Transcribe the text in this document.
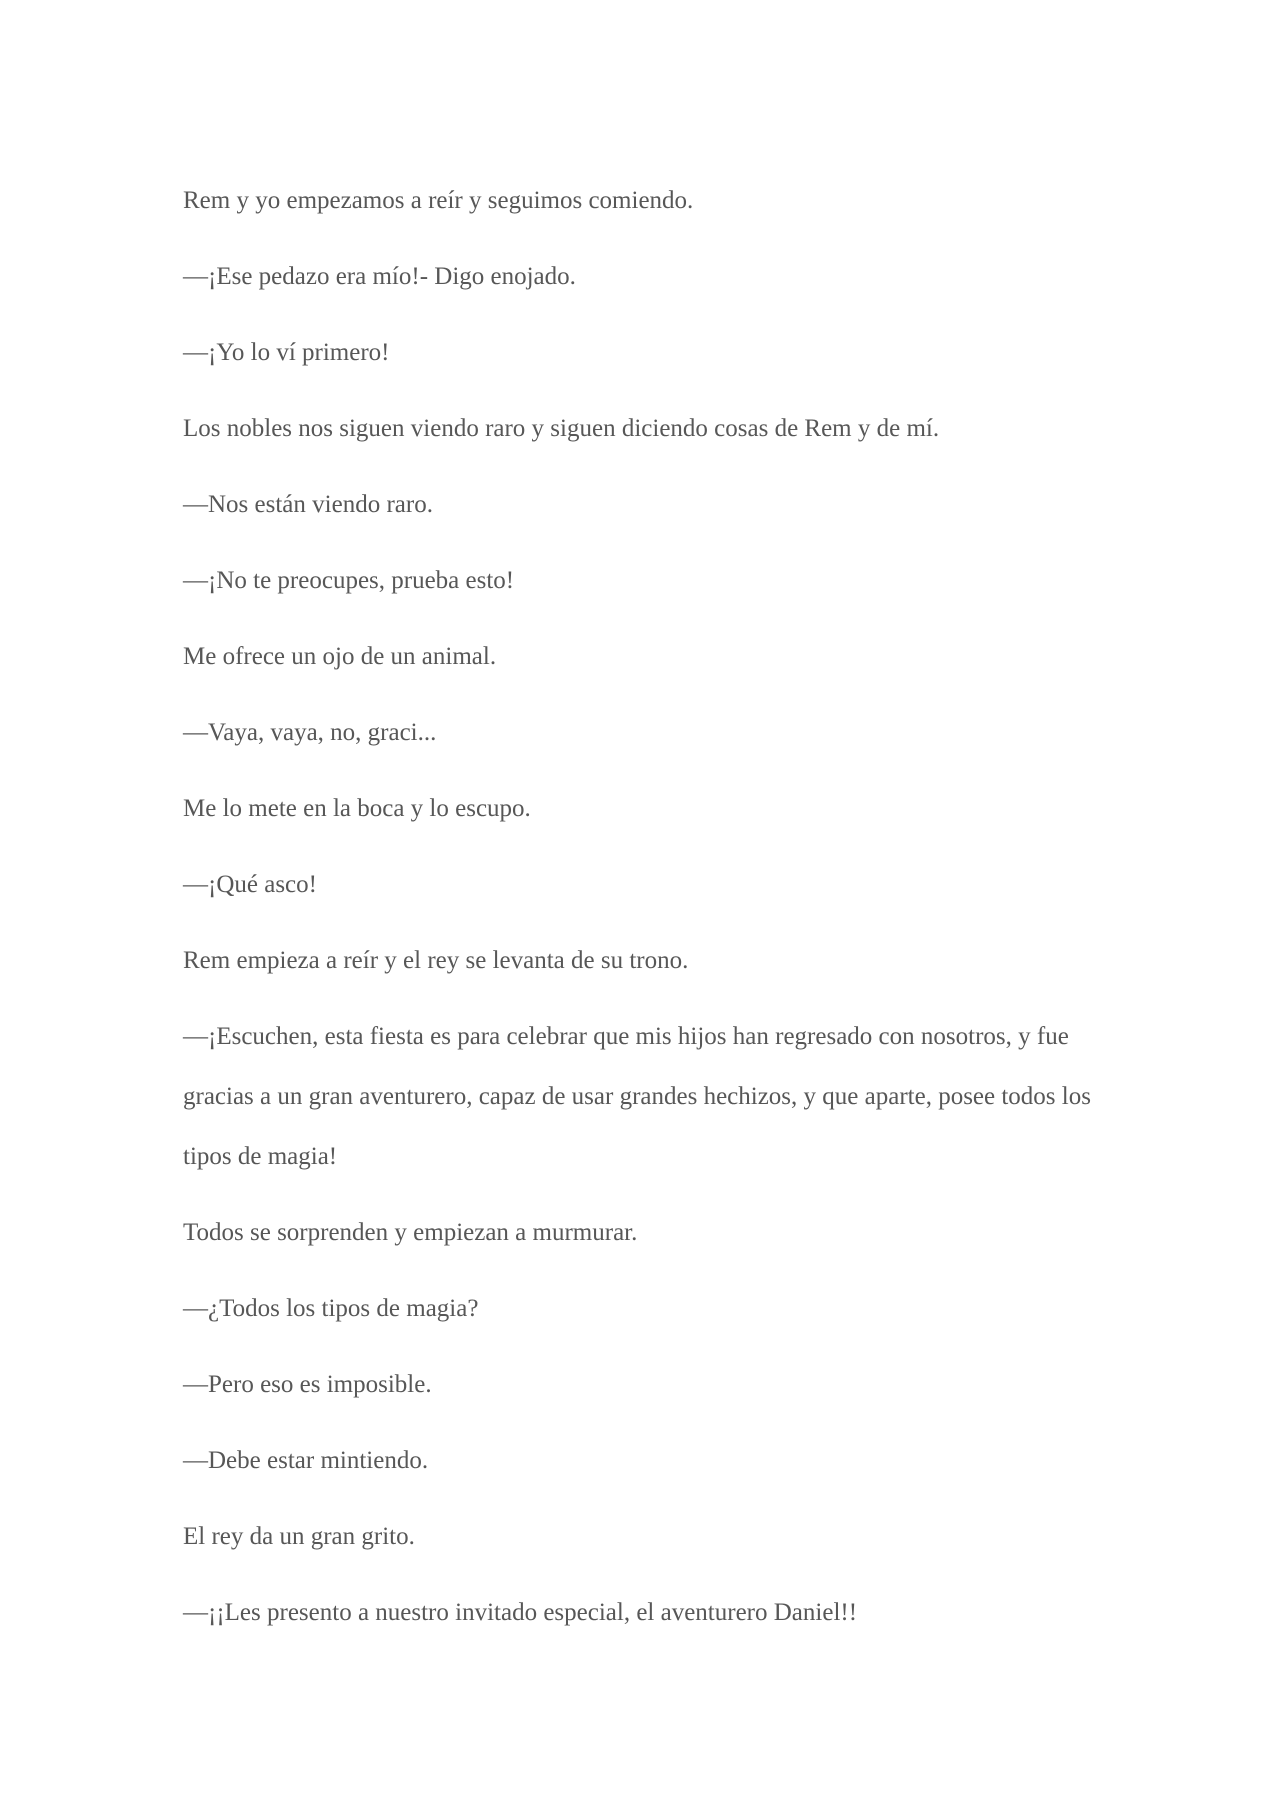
Rem y yo empezamos a reír y seguimos comiendo.

—¡Ese pedazo era mío!- Digo enojado.

—¡Yo lo ví primero!

Los nobles nos siguen viendo raro y siguen diciendo cosas de Rem y de mí.

—Nos están viendo raro.

—¡No te preocupes, prueba esto!

Me ofrece un ojo de un animal.

—Vaya, vaya, no, graci...

Me lo mete en la boca y lo escupo.

—¡Qué asco!

Rem empieza a reír y el rey se levanta de su trono.

—¡Escuchen, esta fiesta es para celebrar que mis hijos han regresado con nosotros, y fue gracias a un gran aventurero, capaz de usar grandes hechizos, y que aparte, posee todos los tipos de magia!

Todos se sorprenden y empiezan a murmurar.

—¿Todos los tipos de magia?

—Pero eso es imposible.

—Debe estar mintiendo.

El rey da un gran grito.

—¡¡Les presento a nuestro invitado especial, el aventurero Daniel!!
